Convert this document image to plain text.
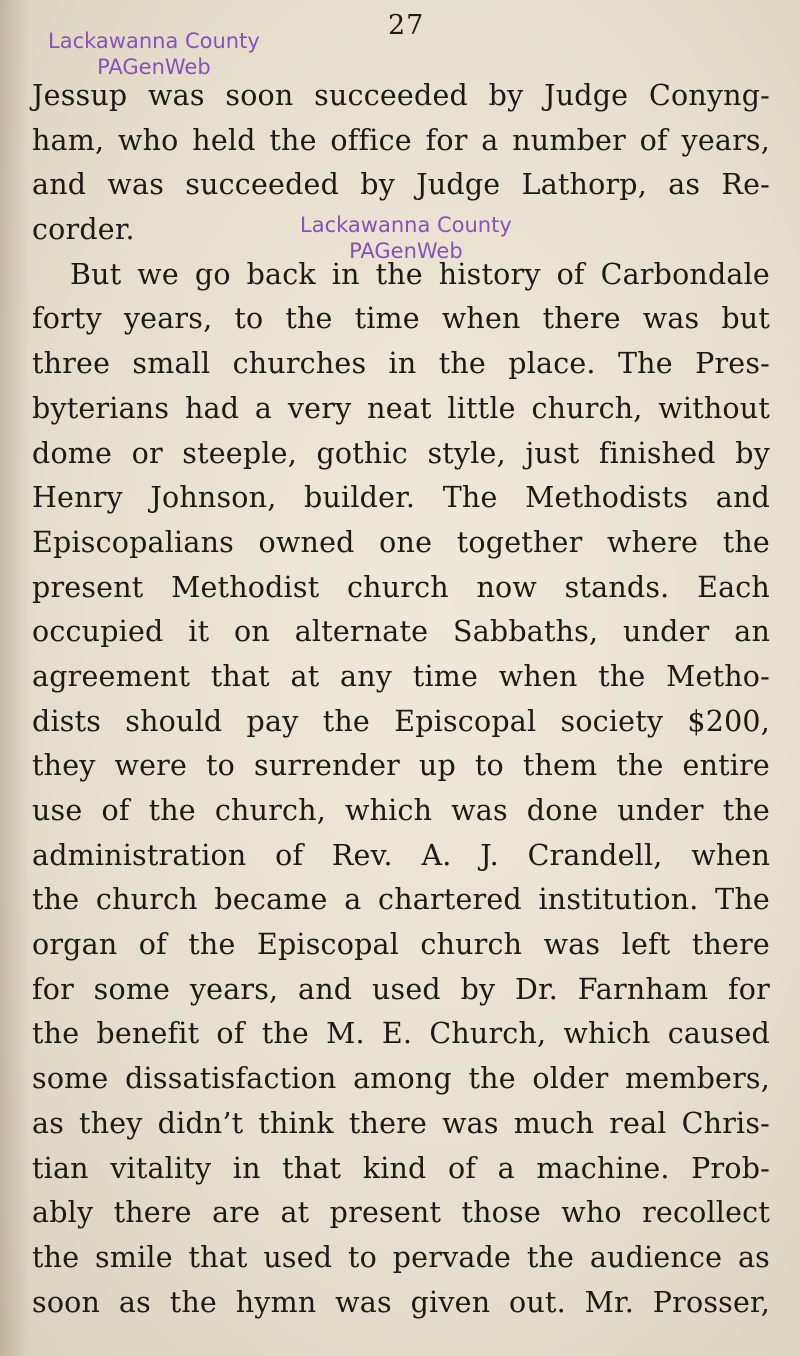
27
Lackawanna County
PAGenWeb
Lackawanna County
PAGenWeb
Jessup was soon succeeded by Judge Conyng-
ham, who held the office for a number of years,
and was succeeded by Judge Lathorp, as Re-
corder.
But we go back in the history of Carbondale
forty years, to the time when there was but
three small churches in the place. The Pres-
byterians had a very neat little church, without
dome or steeple, gothic style, just finished by
Henry Johnson, builder. The Methodists and
Episcopalians owned one together where the
present Methodist church now stands. Each
occupied it on alternate Sabbaths, under an
agreement that at any time when the Metho-
dists should pay the Episcopal society $200,
they were to surrender up to them the entire
use of the church, which was done under the
administration of Rev. A. J. Crandell, when
the church became a chartered institution. The
organ of the Episcopal church was left there
for some years, and used by Dr. Farnham for
the benefit of the M. E. Church, which caused
some dissatisfaction among the older members,
as they didn’t think there was much real Chris-
tian vitality in that kind of a machine. Prob-
ably there are at present those who recollect
the smile that used to pervade the audience as
soon as the hymn was given out. Mr. Prosser,
